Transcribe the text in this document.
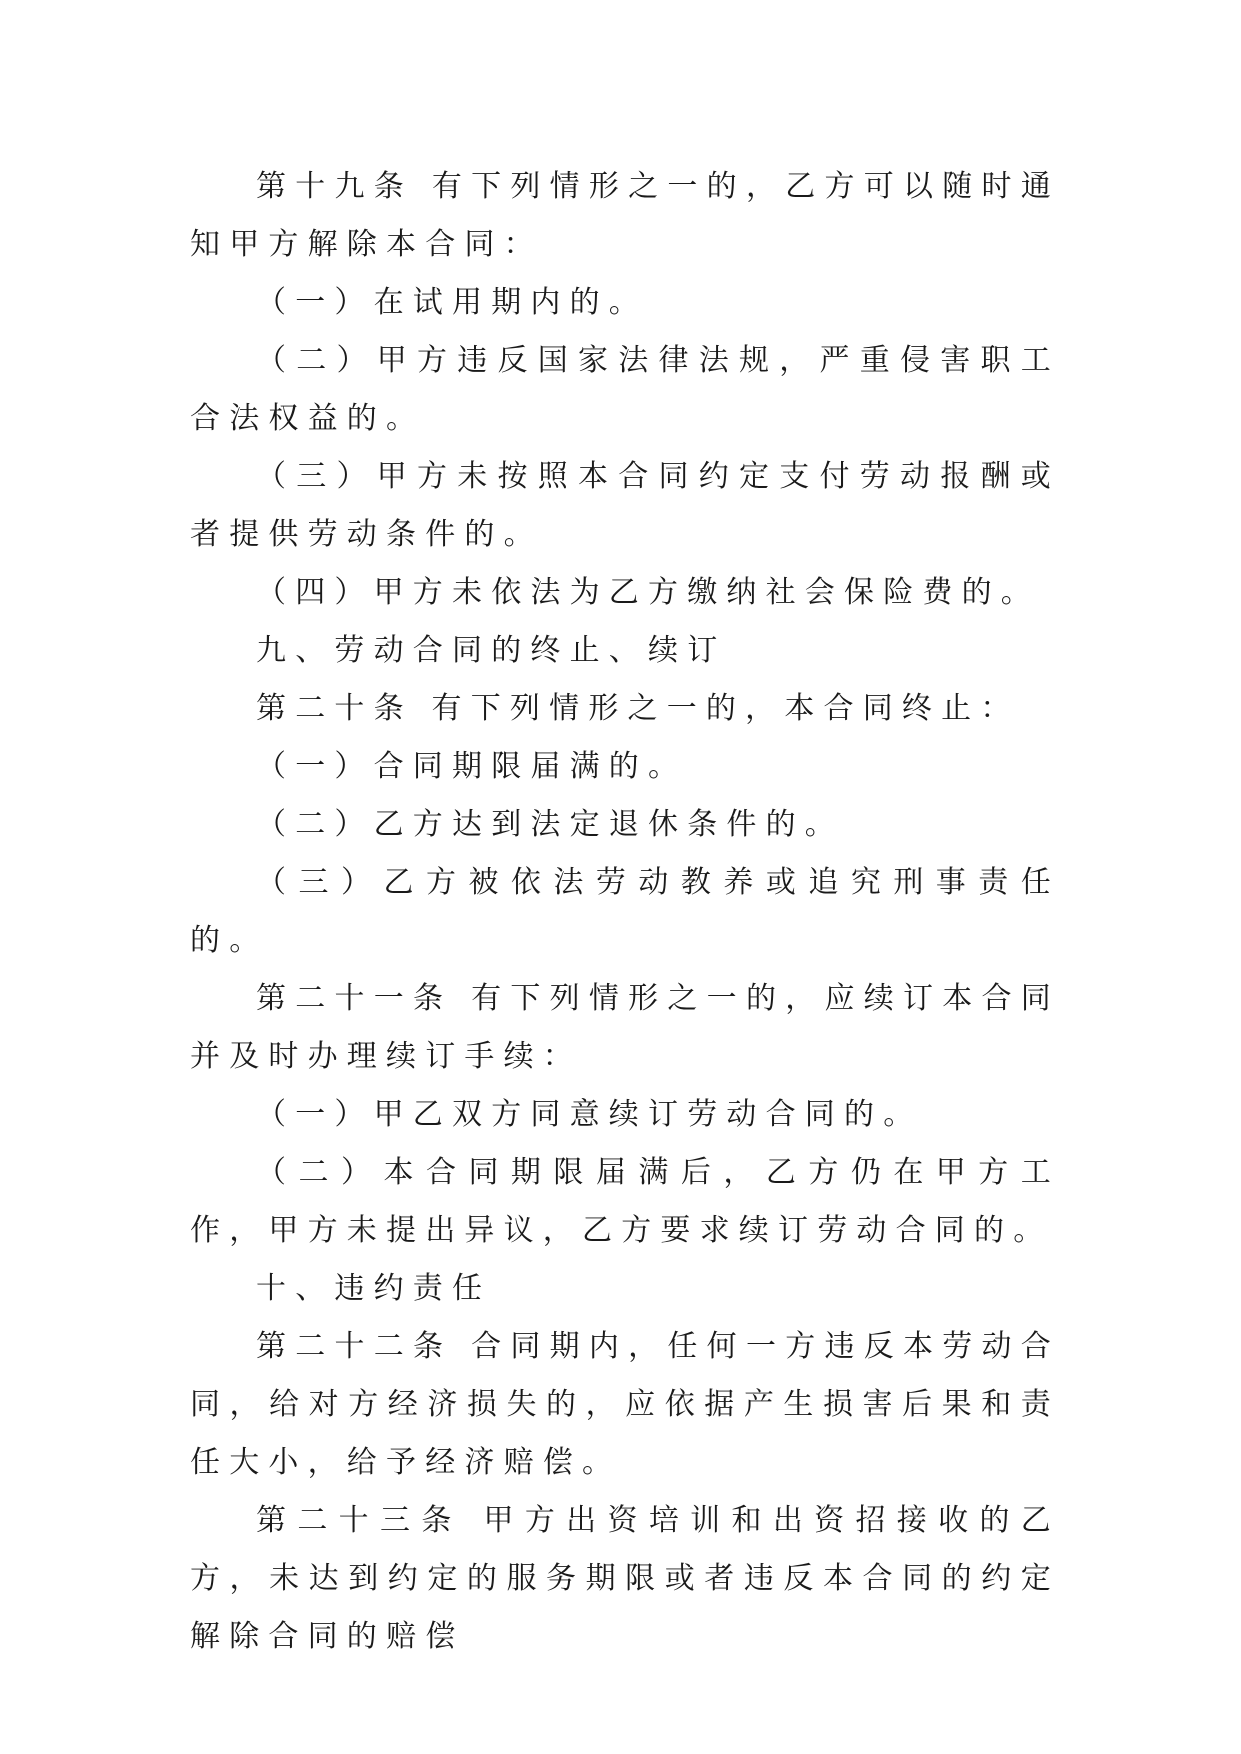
第十九条 有下列情形之一的，乙方可以随时通知甲方解除本合同：

（一）在试用期内的。

（二）甲方违反国家法律法规，严重侵害职工合法权益的。

（三）甲方未按照本合同约定支付劳动报酬或者提供劳动条件的。

（四）甲方未依法为乙方缴纳社会保险费的。

九、劳动合同的终止、续订

第二十条 有下列情形之一的，本合同终止：

（一）合同期限届满的。

（二）乙方达到法定退休条件的。

（三）乙方被依法劳动教养或追究刑事责任的。

第二十一条 有下列情形之一的，应续订本合同并及时办理续订手续：

（一）甲乙双方同意续订劳动合同的。

（二）本合同期限届满后，乙方仍在甲方工作，甲方未提出异议，乙方要求续订劳动合同的。

十、违约责任

第二十二条 合同期内，任何一方违反本劳动合同，给对方经济损失的，应依据产生损害后果和责任大小，给予经济赔偿。

第二十三条 甲方出资培训和出资招接收的乙方，未达到约定的服务期限或者违反本合同的约定解除合同的赔偿
